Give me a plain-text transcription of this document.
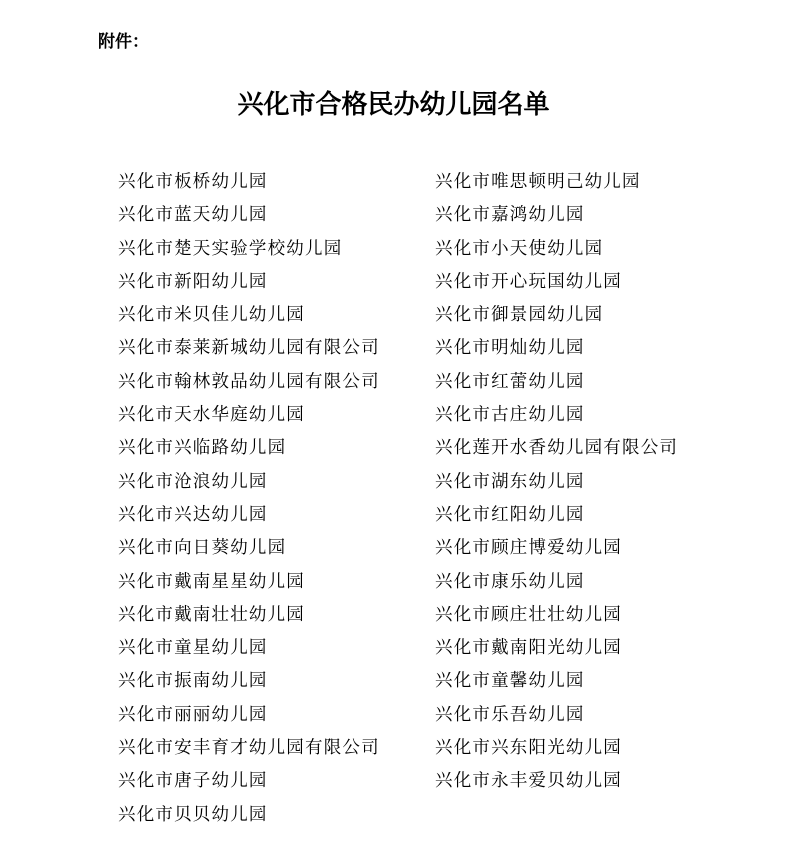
附件：
兴化市合格民办幼儿园名单
兴化市板桥幼儿园
兴化市蓝天幼儿园
兴化市楚天实验学校幼儿园
兴化市新阳幼儿园
兴化市米贝佳儿幼儿园
兴化市泰莱新城幼儿园有限公司
兴化市翰林敦品幼儿园有限公司
兴化市天水华庭幼儿园
兴化市兴临路幼儿园
兴化市沧浪幼儿园
兴化市兴达幼儿园
兴化市向日葵幼儿园
兴化市戴南星星幼儿园
兴化市戴南壮壮幼儿园
兴化市童星幼儿园
兴化市振南幼儿园
兴化市丽丽幼儿园
兴化市安丰育才幼儿园有限公司
兴化市唐子幼儿园
兴化市贝贝幼儿园
兴化市唯思顿明己幼儿园
兴化市嘉鸿幼儿园
兴化市小天使幼儿园
兴化市开心玩国幼儿园
兴化市御景园幼儿园
兴化市明灿幼儿园
兴化市红蕾幼儿园
兴化市古庄幼儿园
兴化莲开水香幼儿园有限公司
兴化市湖东幼儿园
兴化市红阳幼儿园
兴化市顾庄博爱幼儿园
兴化市康乐幼儿园
兴化市顾庄壮壮幼儿园
兴化市戴南阳光幼儿园
兴化市童馨幼儿园
兴化市乐吾幼儿园
兴化市兴东阳光幼儿园
兴化市永丰爱贝幼儿园
